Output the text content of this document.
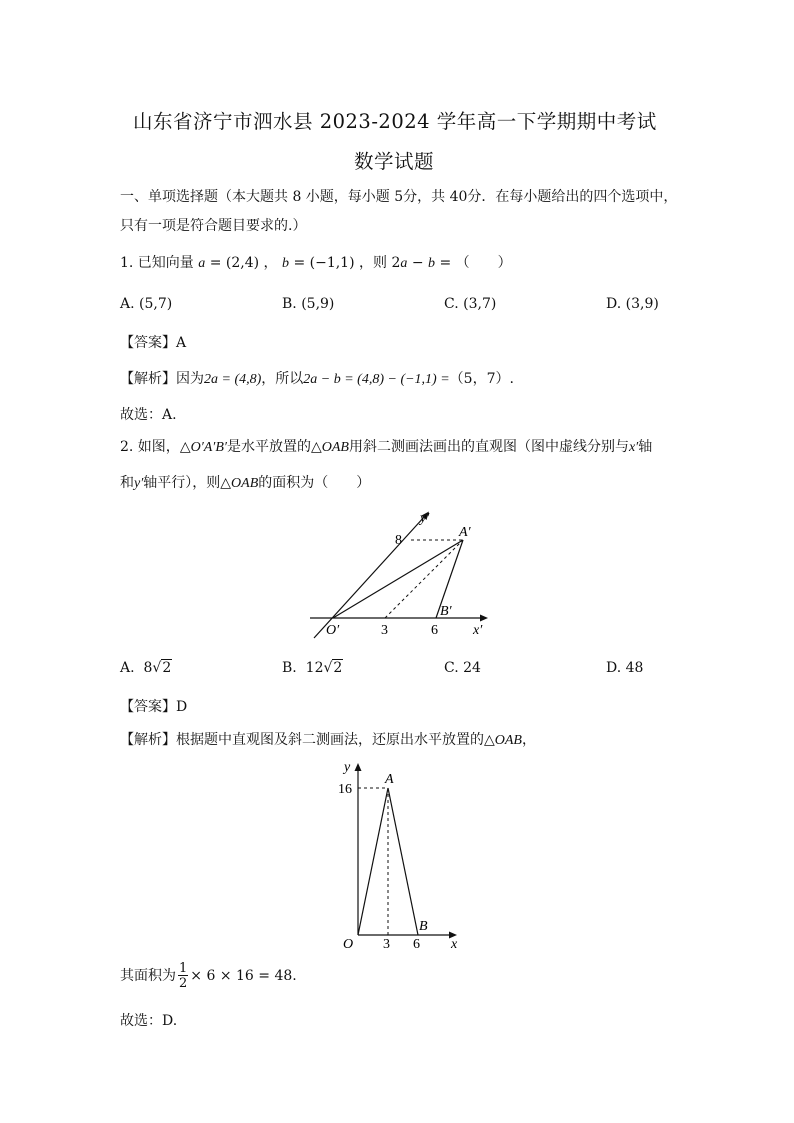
山东省济宁市泗水县 2023-2024 学年高一下学期期中考试
数学试题
一、单项选择题（本大题共 8 小题，每小题 5分，共 40分．在每小题给出的四个选项中，
只有一项是符合题目要求的.）
1. 已知向量 a = (2,4) ， b = (−1,1) ，则 2a − b = （　　）
A. (5,7)	B. (5,9)	C. (3,7)	D. (3,9)
【答案】A
【解析】因为2a = (4,8)，所以2a − b = (4,8) − (−1,1) =（5，7）.
故选：A.
2. 如图，△O′A′B′是水平放置的△OAB用斜二测画法画出的直观图（图中虚线分别与x′轴
和y′轴平行），则△OAB的面积为（　　）
y′
8
A′
B′
O′	3	6	x′
A. 8√2	B. 12√2	C. 24	D. 48
【答案】D
【解析】根据题中直观图及斜二测画法，还原出水平放置的△OAB，
y
16
A
B
O 3 6 x
其面积为 $\frac{1}{2} \times 6 \times 16 = 48$.
故选：D.
